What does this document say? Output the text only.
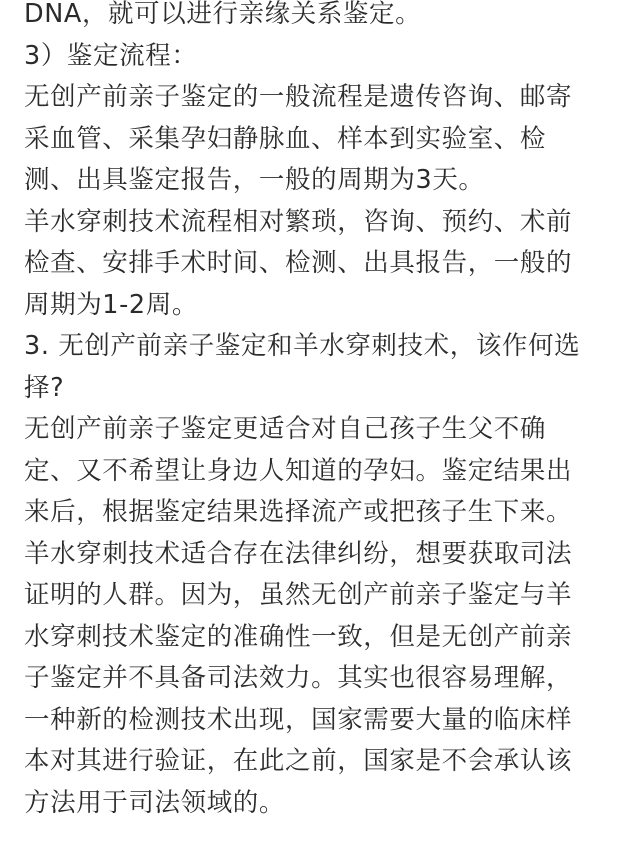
DNA，就可以进行亲缘关系鉴定。
3）鉴定流程：
无创产前亲子鉴定的一般流程是遗传咨询、邮寄
采血管、采集孕妇静脉血、样本到实验室、检
测、出具鉴定报告，一般的周期为3天。
羊水穿刺技术流程相对繁琐，咨询、预约、术前
检查、安排手术时间、检测、出具报告，一般的
周期为1-2周。
3. 无创产前亲子鉴定和羊水穿刺技术，该作何选
择?
无创产前亲子鉴定更适合对自己孩子生父不确
定、又不希望让身边人知道的孕妇。鉴定结果出
来后，根据鉴定结果选择流产或把孩子生下来。
羊水穿刺技术适合存在法律纠纷，想要获取司法
证明的人群。因为，虽然无创产前亲子鉴定与羊
水穿刺技术鉴定的准确性一致，但是无创产前亲
子鉴定并不具备司法效力。其实也很容易理解，
一种新的检测技术出现，国家需要大量的临床样
本对其进行验证，在此之前，国家是不会承认该
方法用于司法领域的。
